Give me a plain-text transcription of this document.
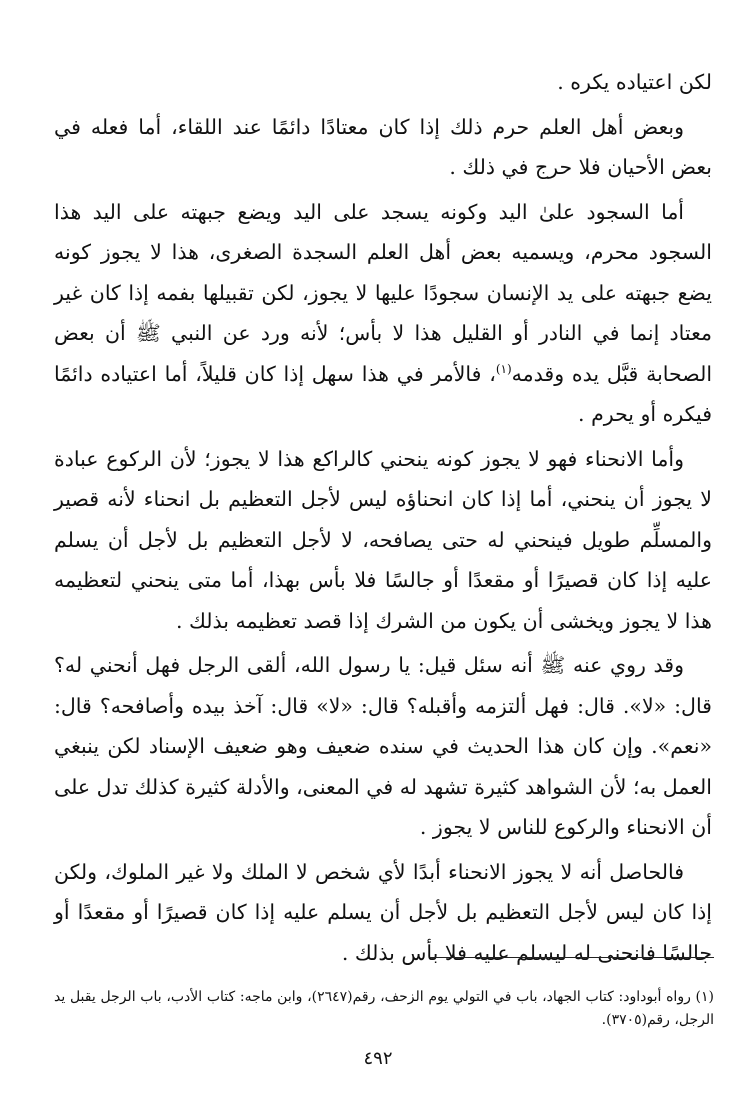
لكن اعتياده يكره .

وبعض أهل العلم حرم ذلك إذا كان معتادًا دائمًا عند اللقاء، أما فعله في بعض الأحيان فلا حرج في ذلك .

أما السجود علىٰ اليد وكونه يسجد على اليد ويضع جبهته على اليد هذا السجود محرم، ويسميه بعض أهل العلم السجدة الصغرى، هذا لا يجوز كونه يضع جبهته على يد الإنسان سجودًا عليها لا يجوز، لكن تقبيلها بفمه إذا كان غير معتاد إنما في النادر أو القليل هذا لا بأس؛ لأنه ورد عن النبي ﷺ أن بعض الصحابة قبَّل يده وقدمه$^{(١)}$، فالأمر في هذا سهل إذا كان قليلاً، أما اعتياده دائمًا فيكره أو يحرم .

وأما الانحناء فهو لا يجوز كونه ينحني كالراكع هذا لا يجوز؛ لأن الركوع عبادة لا يجوز أن ينحني، أما إذا كان انحناؤه ليس لأجل التعظيم بل انحناء لأنه قصير والمسلِّم طويل فينحني له حتى يصافحه، لا لأجل التعظيم بل لأجل أن يسلم عليه إذا كان قصيرًا أو مقعدًا أو جالسًا فلا بأس بهذا، أما متى ينحني لتعظيمه هذا لا يجوز ويخشى أن يكون من الشرك إذا قصد تعظيمه بذلك .

وقد روي عنه ﷺ أنه سئل قيل: يا رسول الله، ألقى الرجل فهل أنحني له؟ قال: «لا». قال: فهل ألتزمه وأقبله؟ قال: «لا» قال: آخذ بيده وأصافحه؟ قال: «نعم». وإن كان هذا الحديث في سنده ضعيف وهو ضعيف الإسناد لكن ينبغي العمل به؛ لأن الشواهد كثيرة تشهد له في المعنى، والأدلة كثيرة كذلك تدل على أن الانحناء والركوع للناس لا يجوز .

فالحاصل أنه لا يجوز الانحناء أبدًا لأي شخص لا الملك ولا غير الملوك، ولكن إذا كان ليس لأجل التعظيم بل لأجل أن يسلم عليه إذا كان قصيرًا أو مقعدًا أو جالسًا فانحنى له ليسلم عليه فلا بأس بذلك .

(١) رواه أبوداود: كتاب الجهاد، باب في التولي يوم الزحف، رقم(٢٦٤٧)، وابن ماجه: كتاب الأدب، باب الرجل يقبل يد الرجل، رقم(٣٧٠٥).

٤٩٢
